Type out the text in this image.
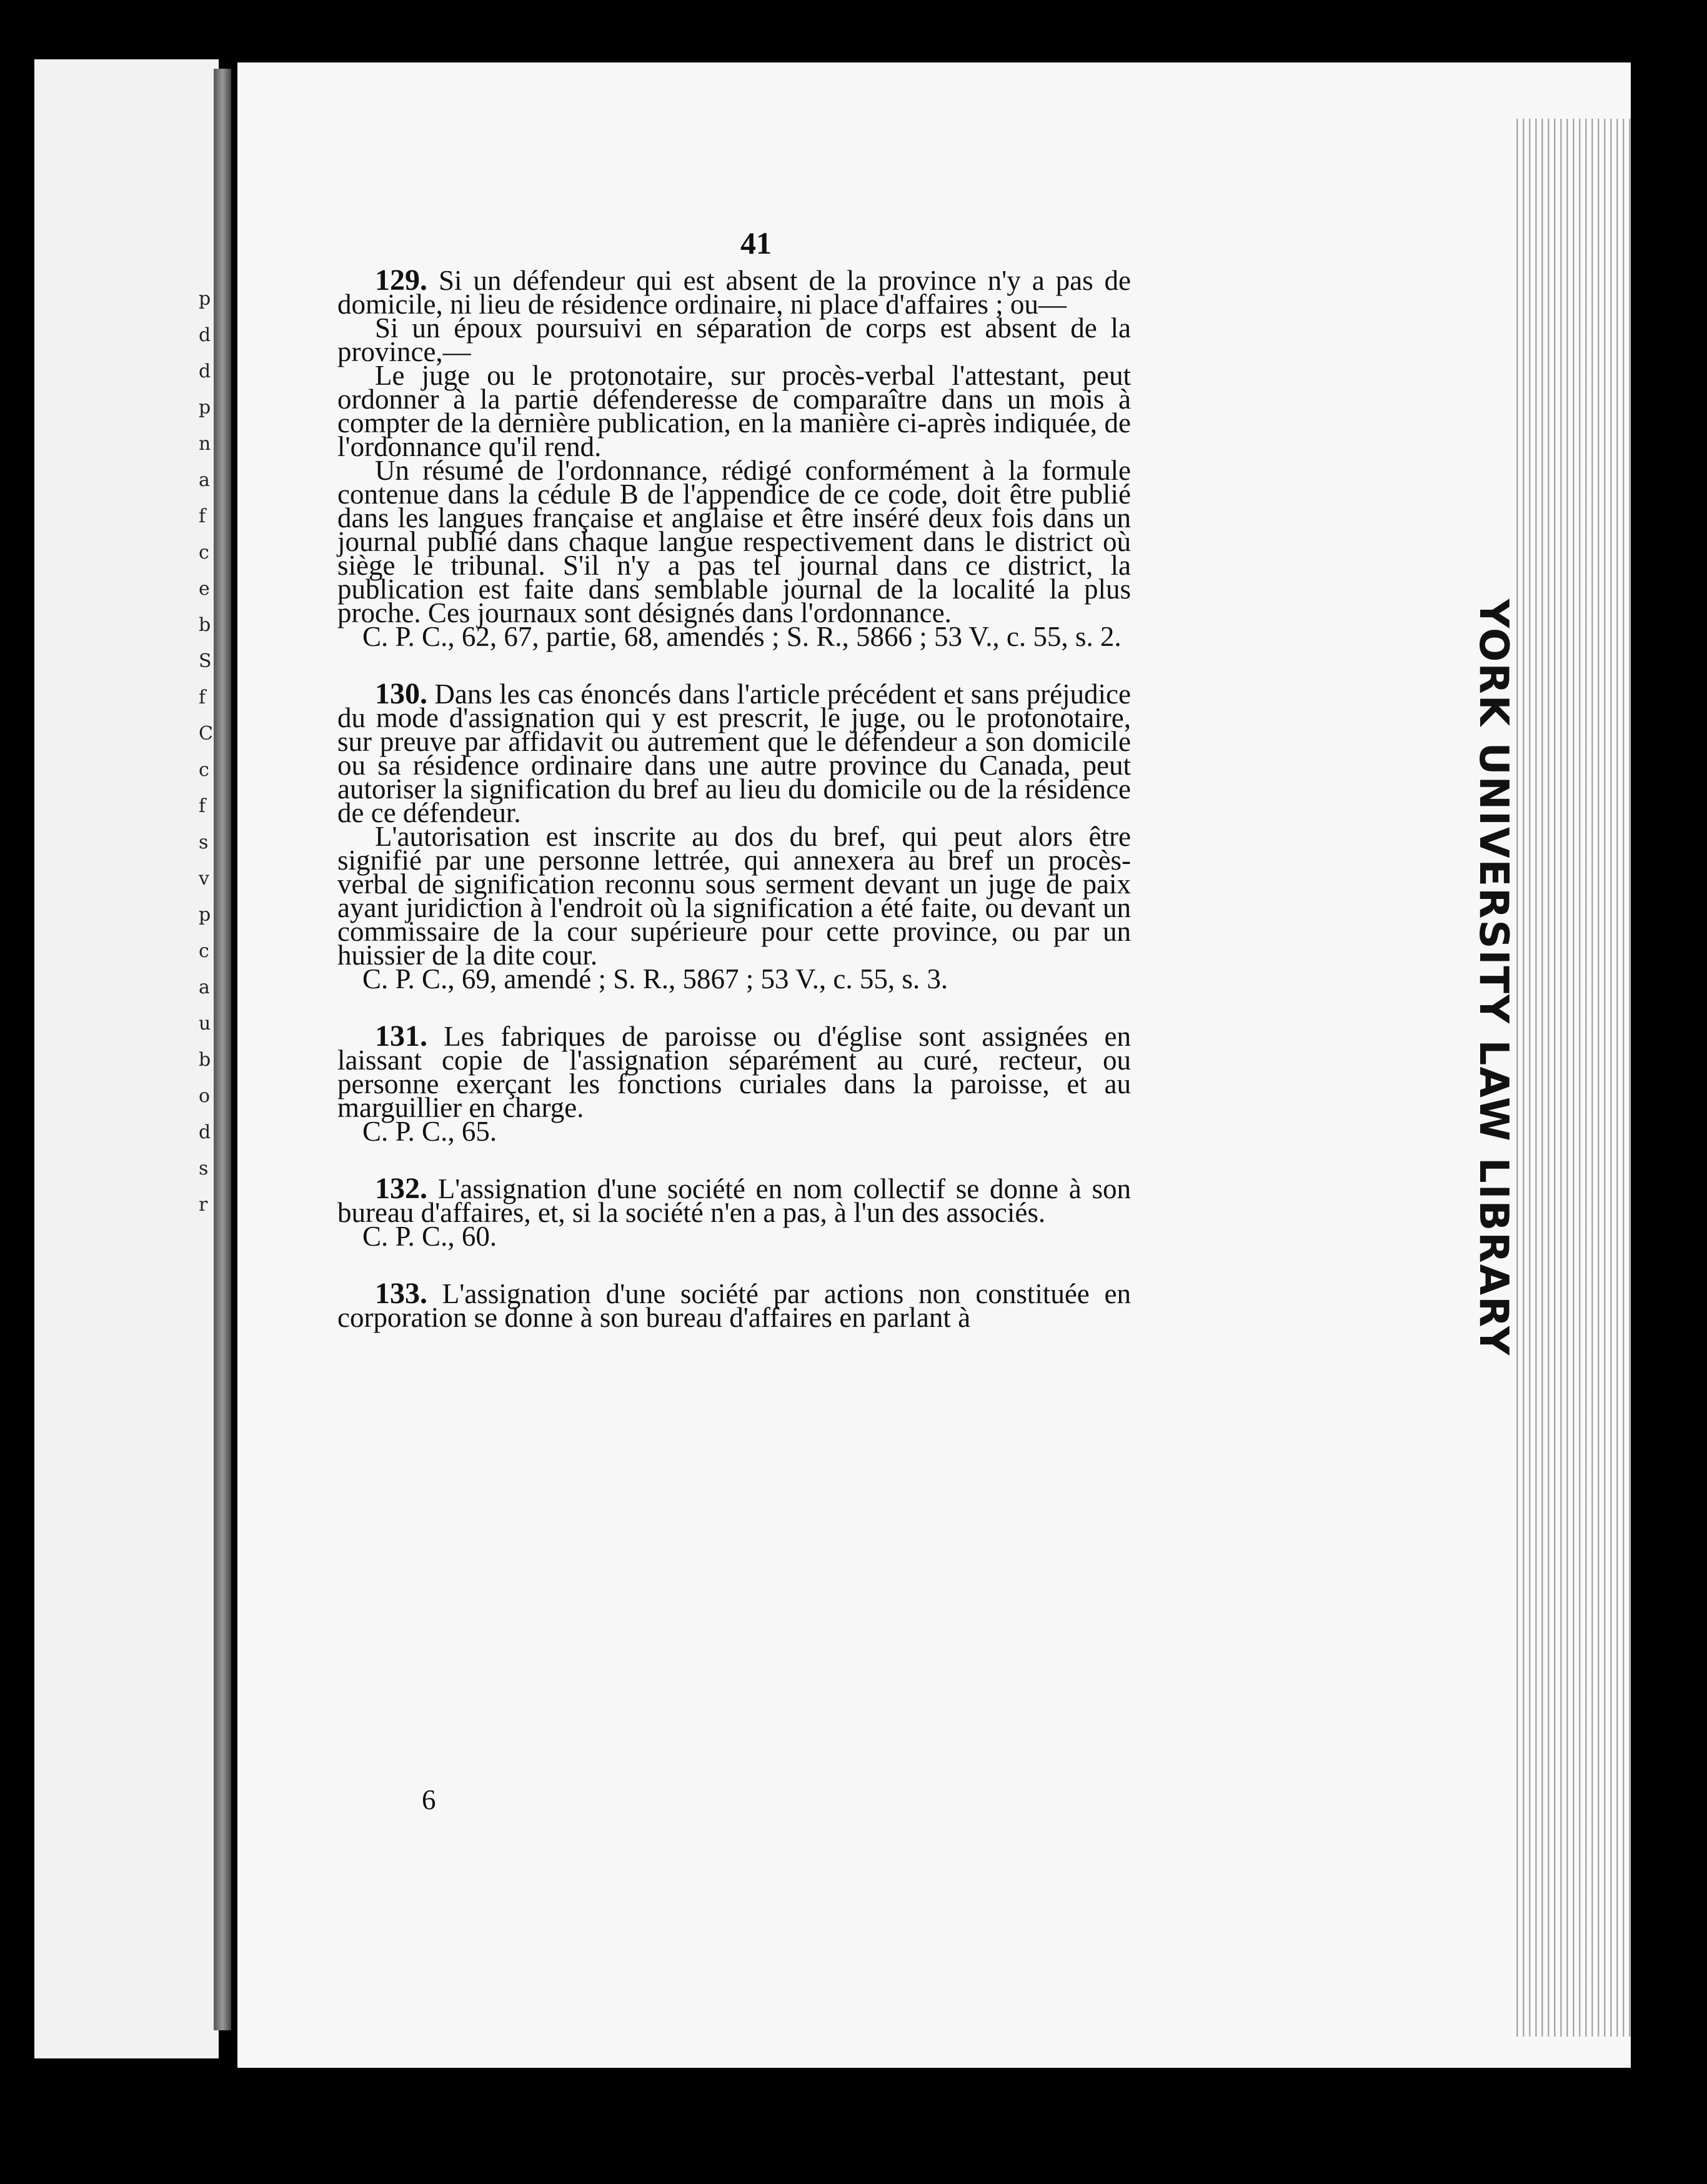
p
d
d
p
n
a
f
c
e
b
S
f
C
c
f
s
v
p
c
a
u
b
o
d
s
r	YORK UNIVERSITY LAW LIBRARY
41

129. Si un défendeur qui est absent de la province n'y a pas de domicile, ni lieu de résidence ordinaire, ni place d'affaires ; ou—

Si un époux poursuivi en séparation de corps est absent de la province,—

Le juge ou le protonotaire, sur procès-verbal l'attestant, peut ordonner à la partie défenderesse de comparaître dans un mois à compter de la dernière publication, en la manière ci-après indiquée, de l'ordonnance qu'il rend.

Un résumé de l'ordonnance, rédigé conformément à la formule contenue dans la cédule B de l'appendice de ce code, doit être publié dans les langues française et anglaise et être inséré deux fois dans un journal publié dans chaque langue respectivement dans le district où siège le tribunal. S'il n'y a pas tel journal dans ce district, la publication est faite dans semblable journal de la localité la plus proche. Ces journaux sont désignés dans l'ordonnance.

C. P. C., 62, 67, partie, 68, amendés ; S. R., 5866 ; 53 V., c. 55, s. 2.

130. Dans les cas énoncés dans l'article précédent et sans préjudice du mode d'assignation qui y est prescrit, le juge, ou le protonotaire, sur preuve par affidavit ou autrement que le défendeur a son domicile ou sa résidence ordinaire dans une autre province du Canada, peut autoriser la signification du bref au lieu du domicile ou de la résidence de ce défendeur.

L'autorisation est inscrite au dos du bref, qui peut alors être signifié par une personne lettrée, qui annexera au bref un procès-verbal de signification reconnu sous serment devant un juge de paix ayant juridiction à l'endroit où la signification a été faite, ou devant un commissaire de la cour supérieure pour cette province, ou par un huissier de la dite cour.

C. P. C., 69, amendé ; S. R., 5867 ; 53 V., c. 55, s. 3.

131. Les fabriques de paroisse ou d'église sont assignées en laissant copie de l'assignation séparément au curé, recteur, ou personne exerçant les fonctions curiales dans la paroisse, et au marguillier en charge.

C. P. C., 65.

132. L'assignation d'une société en nom collectif se donne à son bureau d'affaires, et, si la société n'en a pas, à l'un des associés.

C. P. C., 60.

133. L'assignation d'une société par actions non constituée en corporation se donne à son bureau d'affaires en parlant à

6
